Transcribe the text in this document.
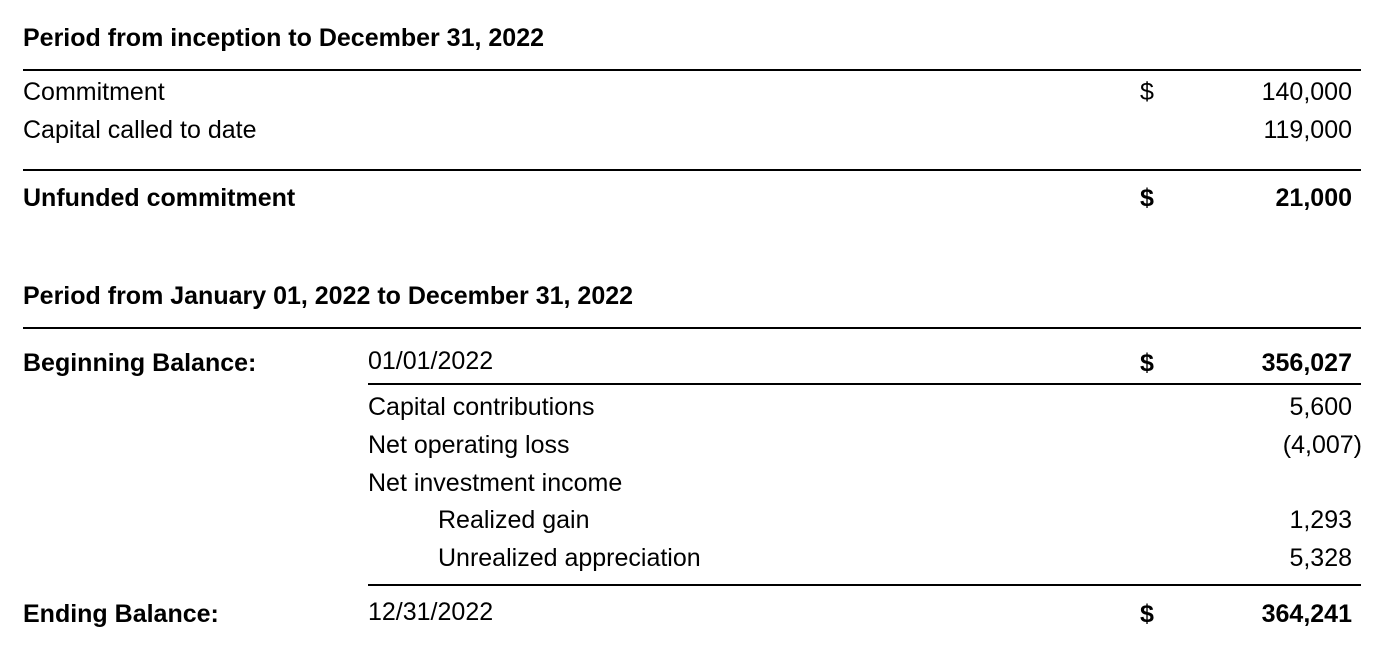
Period from inception to December 31, 2022
Commitment	$	140,000
Capital called to date	119,000
Unfunded commitment	$	21,000
Period from January 01, 2022 to December 31, 2022
Beginning Balance:	01/01/2022	$	356,027
Capital contributions	5,600
Net operating loss	(4,007)
Net investment income
Realized gain	1,293
Unrealized appreciation	5,328
Ending Balance:	12/31/2022	$	364,241
